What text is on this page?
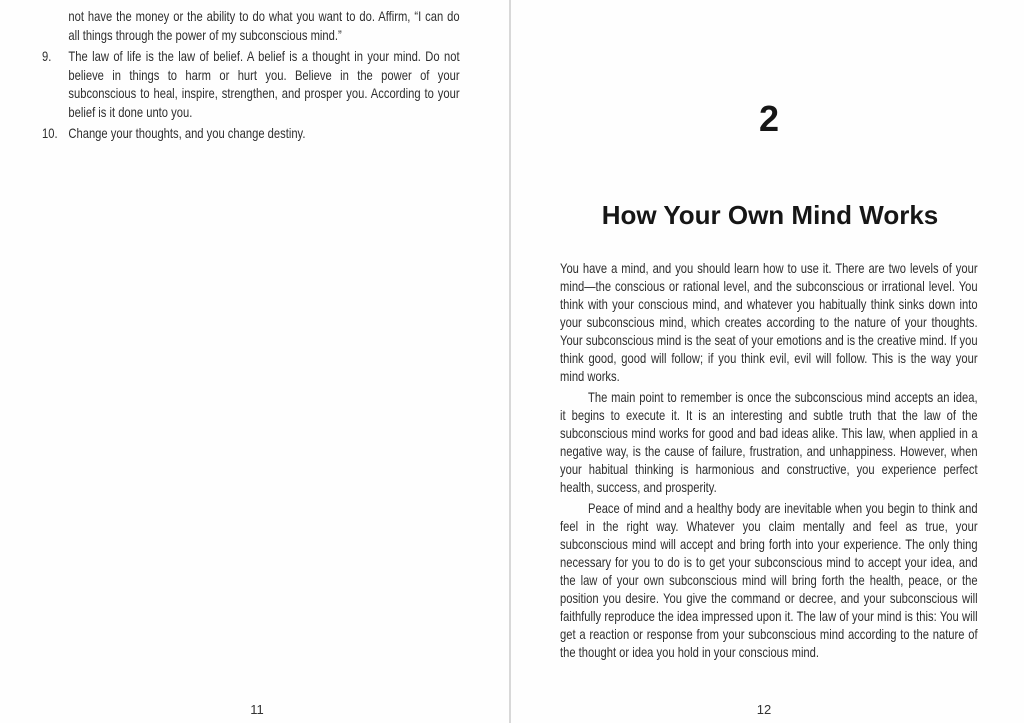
not have the money or the ability to do what you want to do. Affirm, “I can do all things through the power of my subconscious mind.”
9.	The law of life is the law of belief. A belief is a thought in your mind. Do not believe in things to harm or hurt you. Believe in the power of your subconscious to heal, inspire, strengthen, and prosper you. According to your belief is it done unto you.
10. Change your thoughts, and you change destiny.
11
2
How Your Own Mind Works

You have a mind, and you should learn how to use it. There are two levels of your mind—the conscious or rational level, and the subconscious or irrational level. You think with your conscious mind, and whatever you habitually think sinks down into your subconscious mind, which creates according to the nature of your thoughts. Your subconscious mind is the seat of your emotions and is the creative mind. If you think good, good will follow; if you think evil, evil will follow. This is the way your mind works.

The main point to remember is once the subconscious mind accepts an idea, it begins to execute it. It is an interesting and subtle truth that the law of the subconscious mind works for good and bad ideas alike. This law, when applied in a negative way, is the cause of failure, frustration, and unhappiness. However, when your habitual thinking is harmonious and constructive, you experience perfect health, success, and prosperity.

Peace of mind and a healthy body are inevitable when you begin to think and feel in the right way. Whatever you claim mentally and feel as true, your subconscious mind will accept and bring forth into your experience. The only thing necessary for you to do is to get your subconscious mind to accept your idea, and the law of your own subconscious mind will bring forth the health, peace, or the position you desire. You give the command or decree, and your subconscious will faithfully reproduce the idea impressed upon it. The law of your mind is this: You will get a reaction or response from your subconscious mind according to the nature of the thought or idea you hold in your conscious mind.

12
